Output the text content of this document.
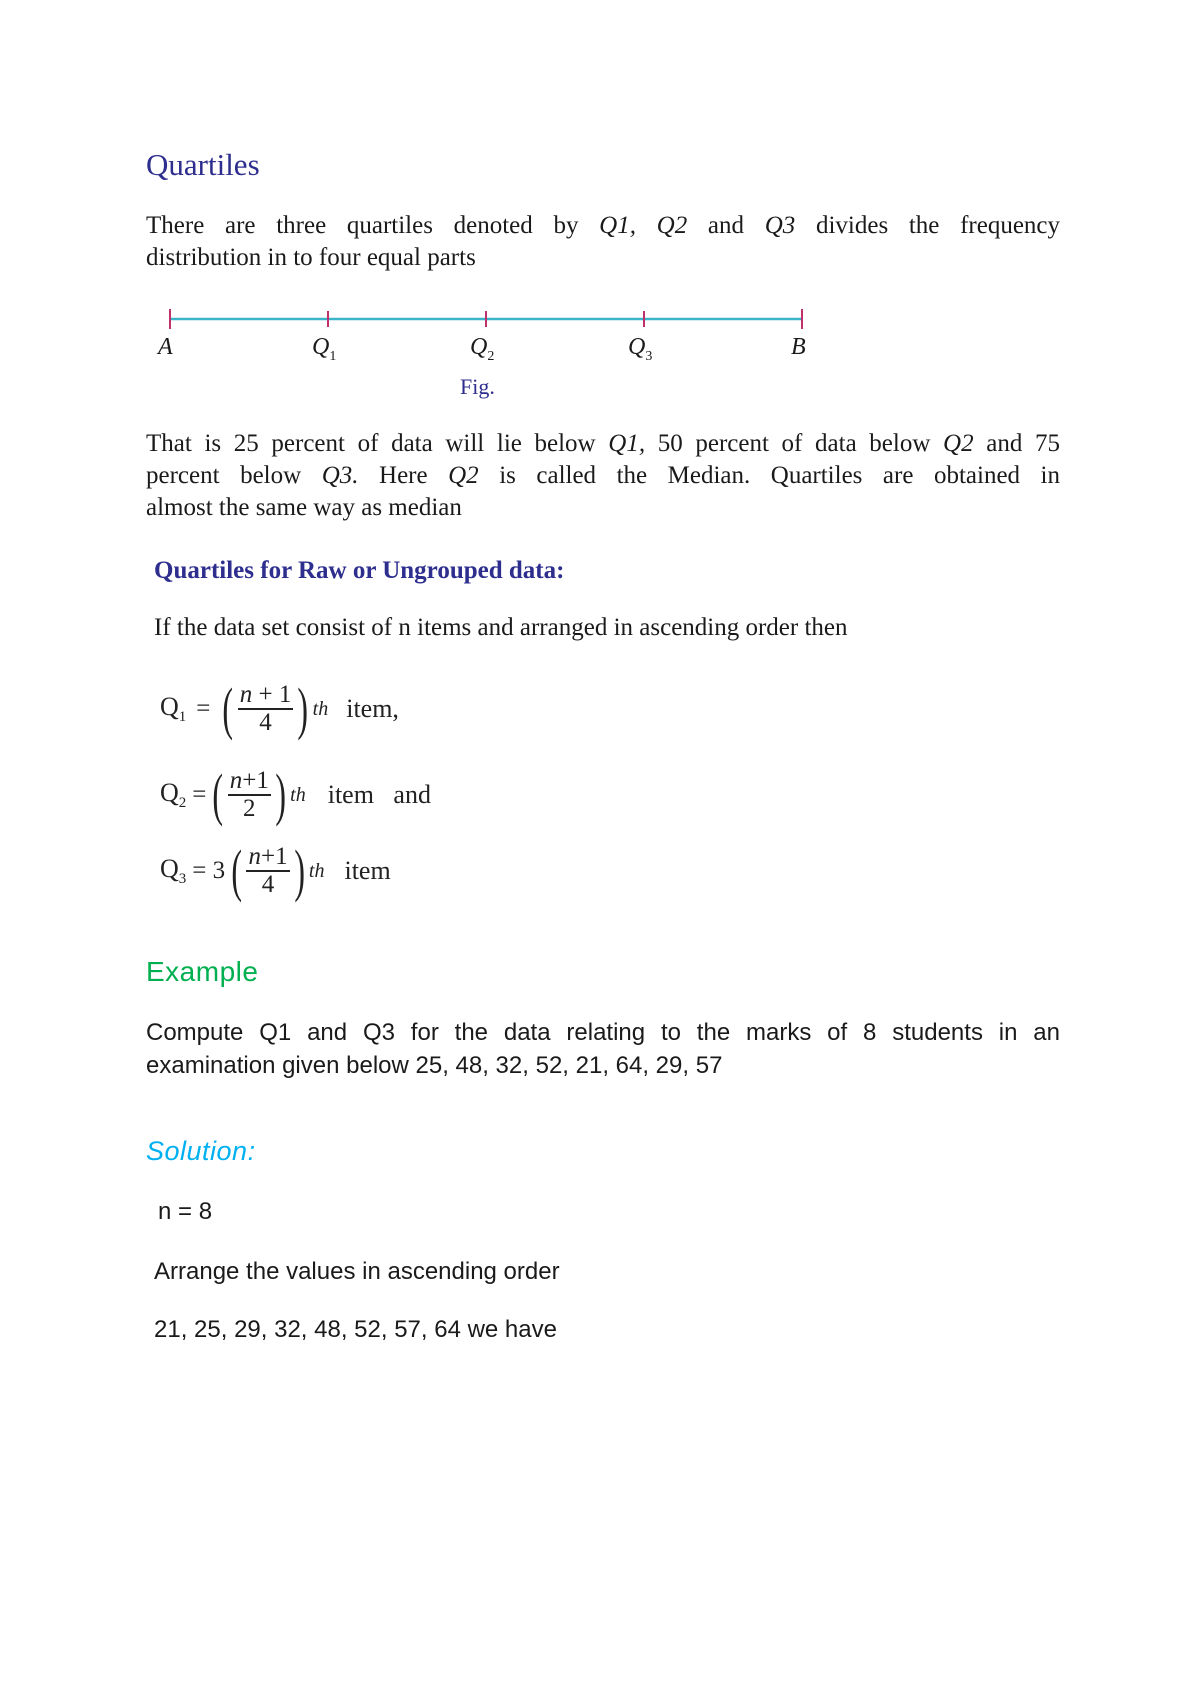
Quartiles
There are three quartiles denoted by Q1, Q2 and Q3 divides the frequency
distribution in to four equal parts
A	$Q_1$	$Q_2$	$Q_3$	B
Fig.
That is 25 percent of data will lie below Q1, 50 percent of data below Q2 and 75
percent below Q3. Here Q2 is called the Median. Quartiles are obtained in
almost the same way as median
Quartiles for Raw or Ungrouped data:
If the data set consist of n items and arranged in ascending order then
$Q_1$ = ( $\frac{n + 1}{4}$ ) th item,
$Q_2$ = ( $\frac{n+1}{2}$ ) th item   and
$Q_3 = 3$ ( $\frac{n+1}{4}$ ) th item
Example
Compute Q1 and Q3 for the data relating to the marks of 8 students in an
examination given below 25, 48, 32, 52, 21, 64, 29, 57
Solution:
n = 8
Arrange the values in ascending order
21, 25, 29, 32, 48, 52, 57, 64 we have
